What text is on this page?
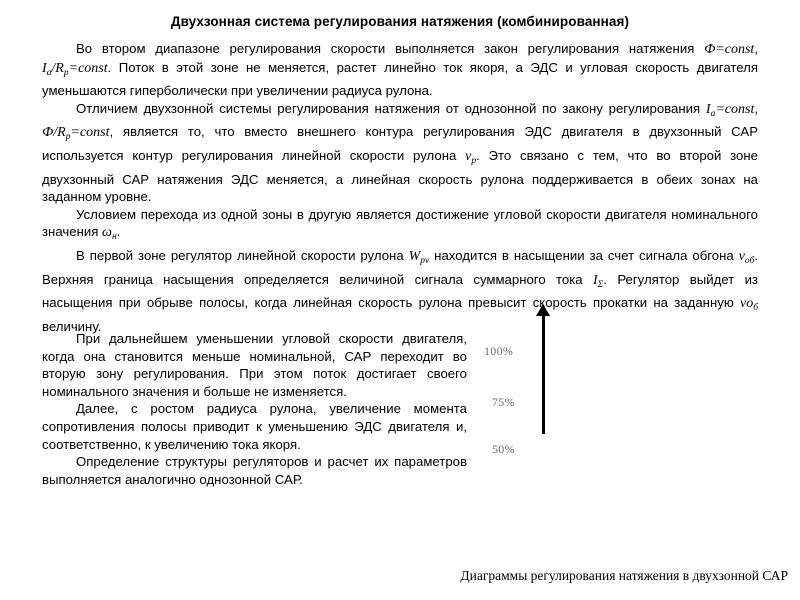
Двухзонная система регулирования натяжения (комбинированная)

Во втором диапазоне регулирования скорости выполняется закон регулирования натяжения Ф=const, $I_a/R_p=const$. Поток в этой зоне не меняется, растет линейно ток якоря, а ЭДС и угловая скорость двигателя уменьшаются гиперболически при увеличении радиуса рулона.

Отличием двухзонной системы регулирования натяжения от однозонной по закону регулирования $I_a=const$, $Ф/R_p=const$, является то, что вместо внешнего контура регулирования ЭДС двигателя в двухзонный САР используется контур регулирования линейной скорости рулона $v_p$. Это связано с тем, что во второй зоне двухзонный САР натяжения ЭДС меняется, а линейная скорость рулона поддерживается в обеих зонах на заданном уровне.

Условием перехода из одной зоны в другую является достижение угловой скорости двигателя номинального значения $\omega_н$.

В первой зоне регулятор линейной скорости рулона $W_{pv}$ находится в насыщении за счет сигнала обгона $v_{об}$. Верхняя граница насыщения определяется величиной сигнала суммарного тока $I_\Sigma$. Регулятор выйдет из насыщения при обрыве полосы, когда линейная скорость рулона превысит скорость прокатки на заданную $vo_б$ величину.

При дальнейшем уменьшении угловой скорости двигателя, когда она становится меньше номинальной, САР переходит во вторую зону регулирования. При этом поток достигает своего номинального значения и больше не изменяется.

Далее, с ростом радиуса рулона, увеличение момента сопротивления полосы приводит к уменьшению ЭДС двигателя и, соответственно, к увеличению тока якоря.

Определение структуры регуляторов и расчет их параметров выполняется аналогично однозонной САР.

100%
75%
50%
Диаграммы регулирования натяжения в двухзонной САР
